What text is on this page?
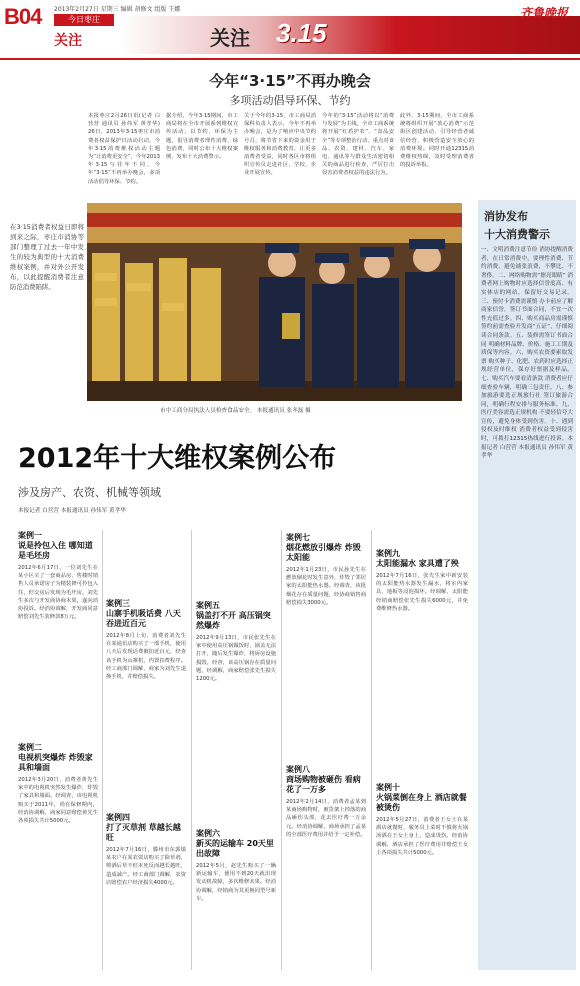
B04 2013年2月27日 星期三 编辑 胡修文 组版 王娜
今日枣庄
关注	关注 3.15
齐鲁晚报
今年“3·15”不再办晚会
多项活动倡导环保、节约
本报枣庄2月26日讯(记者 白营营 通讯员 孙伟军 黄孝华) 26日，2013年3·15枣庄市消费者权益保护日活动启动，今年3·15消费维权活动主题为“让消费更安全”，今年2013年3·15与往年不同，今年“3·15”不再举办晚会，多项活动倡导环保、节约。
据介绍，今年3·15期间，市工商局将在全市开展系列维权宣传活动，以节约、环保为主题，倡导消费者理性消费、绿色消费，同时公布十大维权案例，发布十大消费警示。
关于今年的3·15，市工商局消保科负责人表示，今年不再举办晚会，是为了响应中央节约号召，将节省下来的资金用于维权服务和消费教育，让更多消费者受益，同时各区市将组织宣传员走进社区、学校、企业开展宣传。
今年的“3·15”活动将以“消费与发展”为主线，全市工商系统将开展“红盾护农”、“食品安全”等专项整治行动，重点对食品、农资、建材、汽车、家电、通讯等与群众生活密切相关的商品进行检查，严厉打击侵害消费者权益的违法行为。
此外，3·15期间，全市工商系统将组织开展“放心消费”示范街区创建活动，引导经营者诚信经营，积极营造安全放心的消费环境。同时开通12315消费维权热线，及时受理消费者的投诉举报。
在3·15消费者权益日即将到来之际，枣庄市消协等部门整理了过去一年中发生的较为典型的十大消费维权案例，并对外公开发布，以此提醒消费者注意防范消费陷阱。
市中工商分局执法人员检查食品安全。 本报通讯员 张冬磊 摄
消协发布
十大消费警示
一、文明消费注意节俭 消协提醒消费者，在日常消费中，要理性消费、节约消费，避免铺张浪费，不攀比、不奢侈。二、网络购物需“擦亮眼睛” 消费者网上购物时应选择信誉度高、有实体店的网站，保留好交易记录。三、预付卡消费需谨慎 办卡前应了解商家信誉，签订书面合同，不宜一次性充值过多。四、购买商品房需谨慎 签约前需查验开发商“五证”，仔细阅读合同条款。五、装修需签订书面合同 明确材料品牌、价格、施工工期及质保等内容。六、购买农资要索取发票 购买种子、化肥、农药时应选择正规经营单位，保存好票据及样品。七、购买汽车要看清条款 消费者应仔细查验车辆，明确三包责任。八、参加旅游要选正规旅行社 签订旅游合同，明确行程安排与服务标准。九、医疗美容需选正规机构 不要轻信夸大宣传，避免身体受到伤害。十、遇到侵权及时维权 消费者权益受到侵害时，可拨打12315热线进行投诉。本报记者 白营营 本报通讯员 孙伟军 黄孝华
2012年十大维权案例公布
涉及房产、农资、机械等领域
本报记者 白营营 本报通讯员 孙伟军 黄孝华
案例一
说是拎包入住 哪知道是毛坯房
2012年6月17日，一位刘先生在某小区买了一套商品房，售楼时销售人员承诺房子为精装修可拎包入住，但交房后发现为毛坯房。刘先生多次与开发商协商未果，遂向消协投诉。经消协调解，开发商同意赔偿刘先生装修款8万元。
案例二
电视机突爆炸 炸毁家具和墙面
2012年3月20日，消费者黄先生家中的电视机突然发生爆炸，炸毁了家具和墙面。经调查，该电视机购买于2011年，尚在保修期内，经消协调解，商家同意赔偿黄先生各项损失共计5000元。
案例三
山寨手机吸话费 八天吞进近百元
2012年8月上旬，消费者刘先生在某通讯店购买了一部手机，使用八天后发现话费被扣近百元，经查该手机为山寨机，内置扣费程序。经工商部门调解，商家为刘先生退换手机，并赔偿损失。
案例四
打了灭草剂 草越长越旺
2012年7月16日，滕州市东郭镇某农户在某农资店购买了除草剂，喷洒后草不但未死反而越长越旺，造成减产。经工商部门调解，农资店赔偿农户经济损失4000元。
案例五
锅盖打不开 高压锅突然爆炸
2012年9月13日，市民张先生在家中使用高压锅做饭时，锅盖无法打开，随后发生爆炸，将厨房设施损毁。经查，该高压锅存在质量问题，经调解，商家赔偿张先生损失1200元。
案例六
新买的运输车 20天里出故障
2012年5月，赵先生购买了一辆新运输车，使用不到20天就出现发动机故障，多次维修未果。经消协调解，经销商为其更换同型号新车。
案例七
烟花燃放引爆炸 炸毁太阳能
2012年1月23日，市民孙先生在燃放烟花时发生意外，炸毁了邻居家的太阳能热水器。经调查，该批烟花存在质量问题，经协商销售商赔偿损失3000元。
案例八
商场购物被砸伤 看病花了一万多
2012年2月14日，消费者孟某到某商场购物时，被货架上掉落的商品砸伤头部，花去医疗费一万余元。经消协调解，商场承担了孟某的全部医疗费用并给予一定补偿。
案例九
太阳能漏水 家具遭了殃
2012年7月16日，张先生家中新安装的太阳能热水器发生漏水，将室内家具、地板等浸泡损坏。经调解，太阳能经销商赔偿张先生损失6000元，并免费维修热水器。
案例十
火锅菜倒在身上 酒店就餐被烫伤
2012年5月27日，消费者王女士在某酒店就餐时，服务员上菜时不慎将火锅汤洒在王女士身上，造成烫伤。经消协调解，酒店承担了医疗费用并赔偿王女士各项损失共计5000元。
